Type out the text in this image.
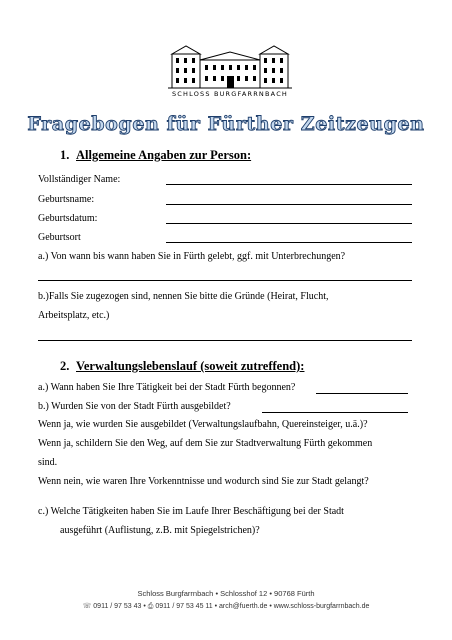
SCHLOSS BURGFARRNBACH
Fragebogen für Fürther Zeitzeugen
1. Allgemeine Angaben zur Person:
Vollständiger Name:
Geburtsname:
Geburtsdatum:
Geburtsort
a.) Von wann bis wann haben Sie in Fürth gelebt, ggf. mit Unterbrechungen?
b.)Falls Sie zugezogen sind, nennen Sie bitte die Gründe (Heirat, Flucht,
Arbeitsplatz, etc.)
2. Verwaltungslebenslauf (soweit zutreffend):
a.) Wann haben Sie Ihre Tätigkeit bei der Stadt Fürth begonnen?
b.) Wurden Sie von der Stadt Fürth ausgebildet?
Wenn ja, wie wurden Sie ausgebildet (Verwaltungslaufbahn, Quereinsteiger, u.ä.)?
Wenn ja, schildern Sie den Weg, auf dem Sie zur Stadtverwaltung Fürth gekommen
sind.
Wenn nein, wie waren Ihre Vorkenntnisse und wodurch sind Sie zur Stadt gelangt?
c.) Welche Tätigkeiten haben Sie im Laufe Ihrer Beschäftigung bei der Stadt
ausgeführt (Auflistung, z.B. mit Spiegelstrichen)?
Schloss Burgfarrnbach • Schlosshof 12 • 90768 Fürth
☏ 0911 / 97 53 43 • ⎙ 0911 / 97 53 45 11 • arch@fuerth.de • www.schloss-burgfarrnbach.de
